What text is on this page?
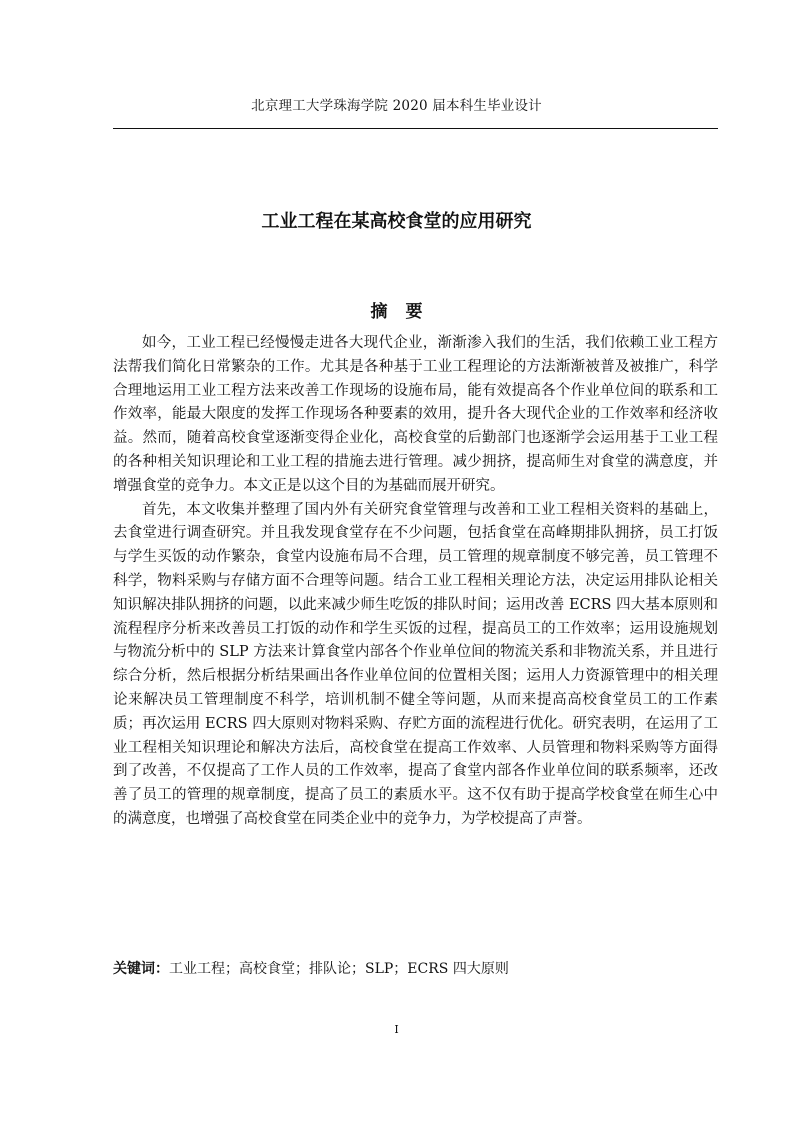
北京理工大学珠海学院 2020 届本科生毕业设计
工业工程在某高校食堂的应用研究
摘要

如今，工业工程已经慢慢走进各大现代企业，渐渐渗入我们的生活，我们依赖工业工程方法帮我们简化日常繁杂的工作。尤其是各种基于工业工程理论的方法渐渐被普及被推广，科学合理地运用工业工程方法来改善工作现场的设施布局，能有效提高各个作业单位间的联系和工作效率，能最大限度的发挥工作现场各种要素的效用，提升各大现代企业的工作效率和经济收益。然而，随着高校食堂逐渐变得企业化，高校食堂的后勤部门也逐渐学会运用基于工业工程的各种相关知识理论和工业工程的措施去进行管理。减少拥挤，提高师生对食堂的满意度，并增强食堂的竞争力。本文正是以这个目的为基础而展开研究。

首先，本文收集并整理了国内外有关研究食堂管理与改善和工业工程相关资料的基础上，去食堂进行调查研究。并且我发现食堂存在不少问题，包括食堂在高峰期排队拥挤，员工打饭与学生买饭的动作繁杂，食堂内设施布局不合理，员工管理的规章制度不够完善，员工管理不科学，物料采购与存储方面不合理等问题。结合工业工程相关理论方法，决定运用排队论相关知识解决排队拥挤的问题，以此来减少师生吃饭的排队时间；运用改善 ECRS 四大基本原则和流程程序分析来改善员工打饭的动作和学生买饭的过程，提高员工的工作效率；运用设施规划与物流分析中的 SLP 方法来计算食堂内部各个作业单位间的物流关系和非物流关系，并且进行综合分析，然后根据分析结果画出各作业单位间的位置相关图；运用人力资源管理中的相关理论来解决员工管理制度不科学，培训机制不健全等问题，从而来提高高校食堂员工的工作素质；再次运用 ECRS 四大原则对物料采购、存贮方面的流程进行优化。研究表明，在运用了工业工程相关知识理论和解决方法后，高校食堂在提高工作效率、人员管理和物料采购等方面得到了改善，不仅提高了工作人员的工作效率，提高了食堂内部各作业单位间的联系频率，还改善了员工的管理的规章制度，提高了员工的素质水平。这不仅有助于提高学校食堂在师生心中的满意度，也增强了高校食堂在同类企业中的竞争力，为学校提高了声誉。

关键词：工业工程；高校食堂；排队论；SLP；ECRS 四大原则
I
